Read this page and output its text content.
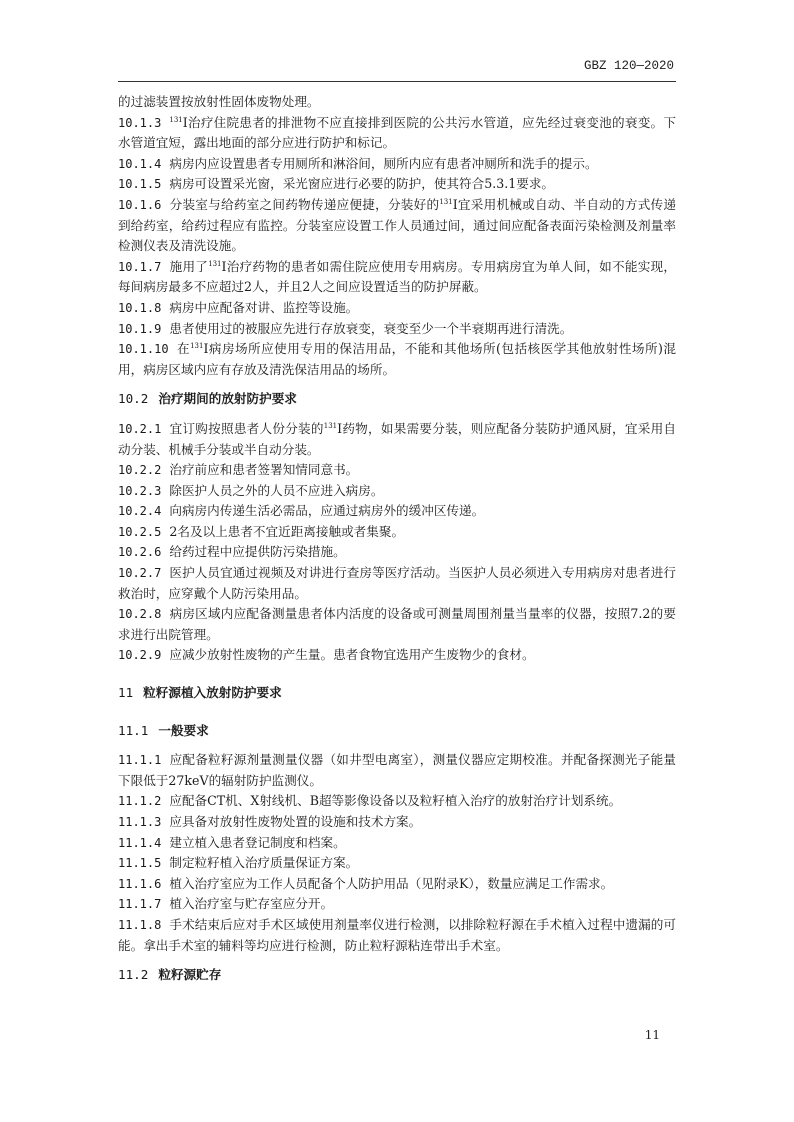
GBZ 120—2020

的过滤装置按放射性固体废物处理。

10.1.3 $^{131}$I治疗住院患者的排泄物不应直接排到医院的公共污水管道，应先经过衰变池的衰变。下水管道宜短，露出地面的部分应进行防护和标记。

10.1.4 病房内应设置患者专用厕所和淋浴间，厕所内应有患者冲厕所和洗手的提示。

10.1.5 病房可设置采光窗，采光窗应进行必要的防护，使其符合5.3.1要求。

10.1.6 分装室与给药室之间药物传递应便捷，分装好的$^{131}$I宜采用机械或自动、半自动的方式传递到给药室，给药过程应有监控。分装室应设置工作人员通过间，通过间应配备表面污染检测及剂量率检测仪表及清洗设施。

10.1.7 施用了$^{131}$I治疗药物的患者如需住院应使用专用病房。专用病房宜为单人间，如不能实现，每间病房最多不应超过2人，并且2人之间应设置适当的防护屏蔽。

10.1.8 病房中应配备对讲、监控等设施。

10.1.9 患者使用过的被服应先进行存放衰变，衰变至少一个半衰期再进行清洗。

10.1.10 在$^{131}$I病房场所应使用专用的保洁用品，不能和其他场所(包括核医学其他放射性场所)混用，病房区域内应有存放及清洗保洁用品的场所。

10.2 治疗期间的放射防护要求

10.2.1 宜订购按照患者人份分装的$^{131}$I药物，如果需要分装，则应配备分装防护通风厨，宜采用自动分装、机械手分装或半自动分装。

10.2.2 治疗前应和患者签署知情同意书。

10.2.3 除医护人员之外的人员不应进入病房。

10.2.4 向病房内传递生活必需品，应通过病房外的缓冲区传递。

10.2.5 2名及以上患者不宜近距离接触或者集聚。

10.2.6 给药过程中应提供防污染措施。

10.2.7 医护人员宜通过视频及对讲进行查房等医疗活动。当医护人员必须进入专用病房对患者进行救治时，应穿戴个人防污染用品。

10.2.8 病房区域内应配备测量患者体内活度的设备或可测量周围剂量当量率的仪器，按照7.2的要求进行出院管理。

10.2.9 应减少放射性废物的产生量。患者食物宜选用产生废物少的食材。

11 粒籽源植入放射防护要求

11.1 一般要求

11.1.1 应配备粒籽源剂量测量仪器（如井型电离室），测量仪器应定期校准。并配备探测光子能量下限低于27keV的辐射防护监测仪。

11.1.2 应配备CT机、X射线机、B超等影像设备以及粒籽植入治疗的放射治疗计划系统。

11.1.3 应具备对放射性废物处置的设施和技术方案。

11.1.4 建立植入患者登记制度和档案。

11.1.5 制定粒籽植入治疗质量保证方案。

11.1.6 植入治疗室应为工作人员配备个人防护用品（见附录K），数量应满足工作需求。

11.1.7 植入治疗室与贮存室应分开。

11.1.8 手术结束后应对手术区域使用剂量率仪进行检测，以排除粒籽源在手术植入过程中遗漏的可能。拿出手术室的辅料等均应进行检测，防止粒籽源粘连带出手术室。

11.2 粒籽源贮存

11
